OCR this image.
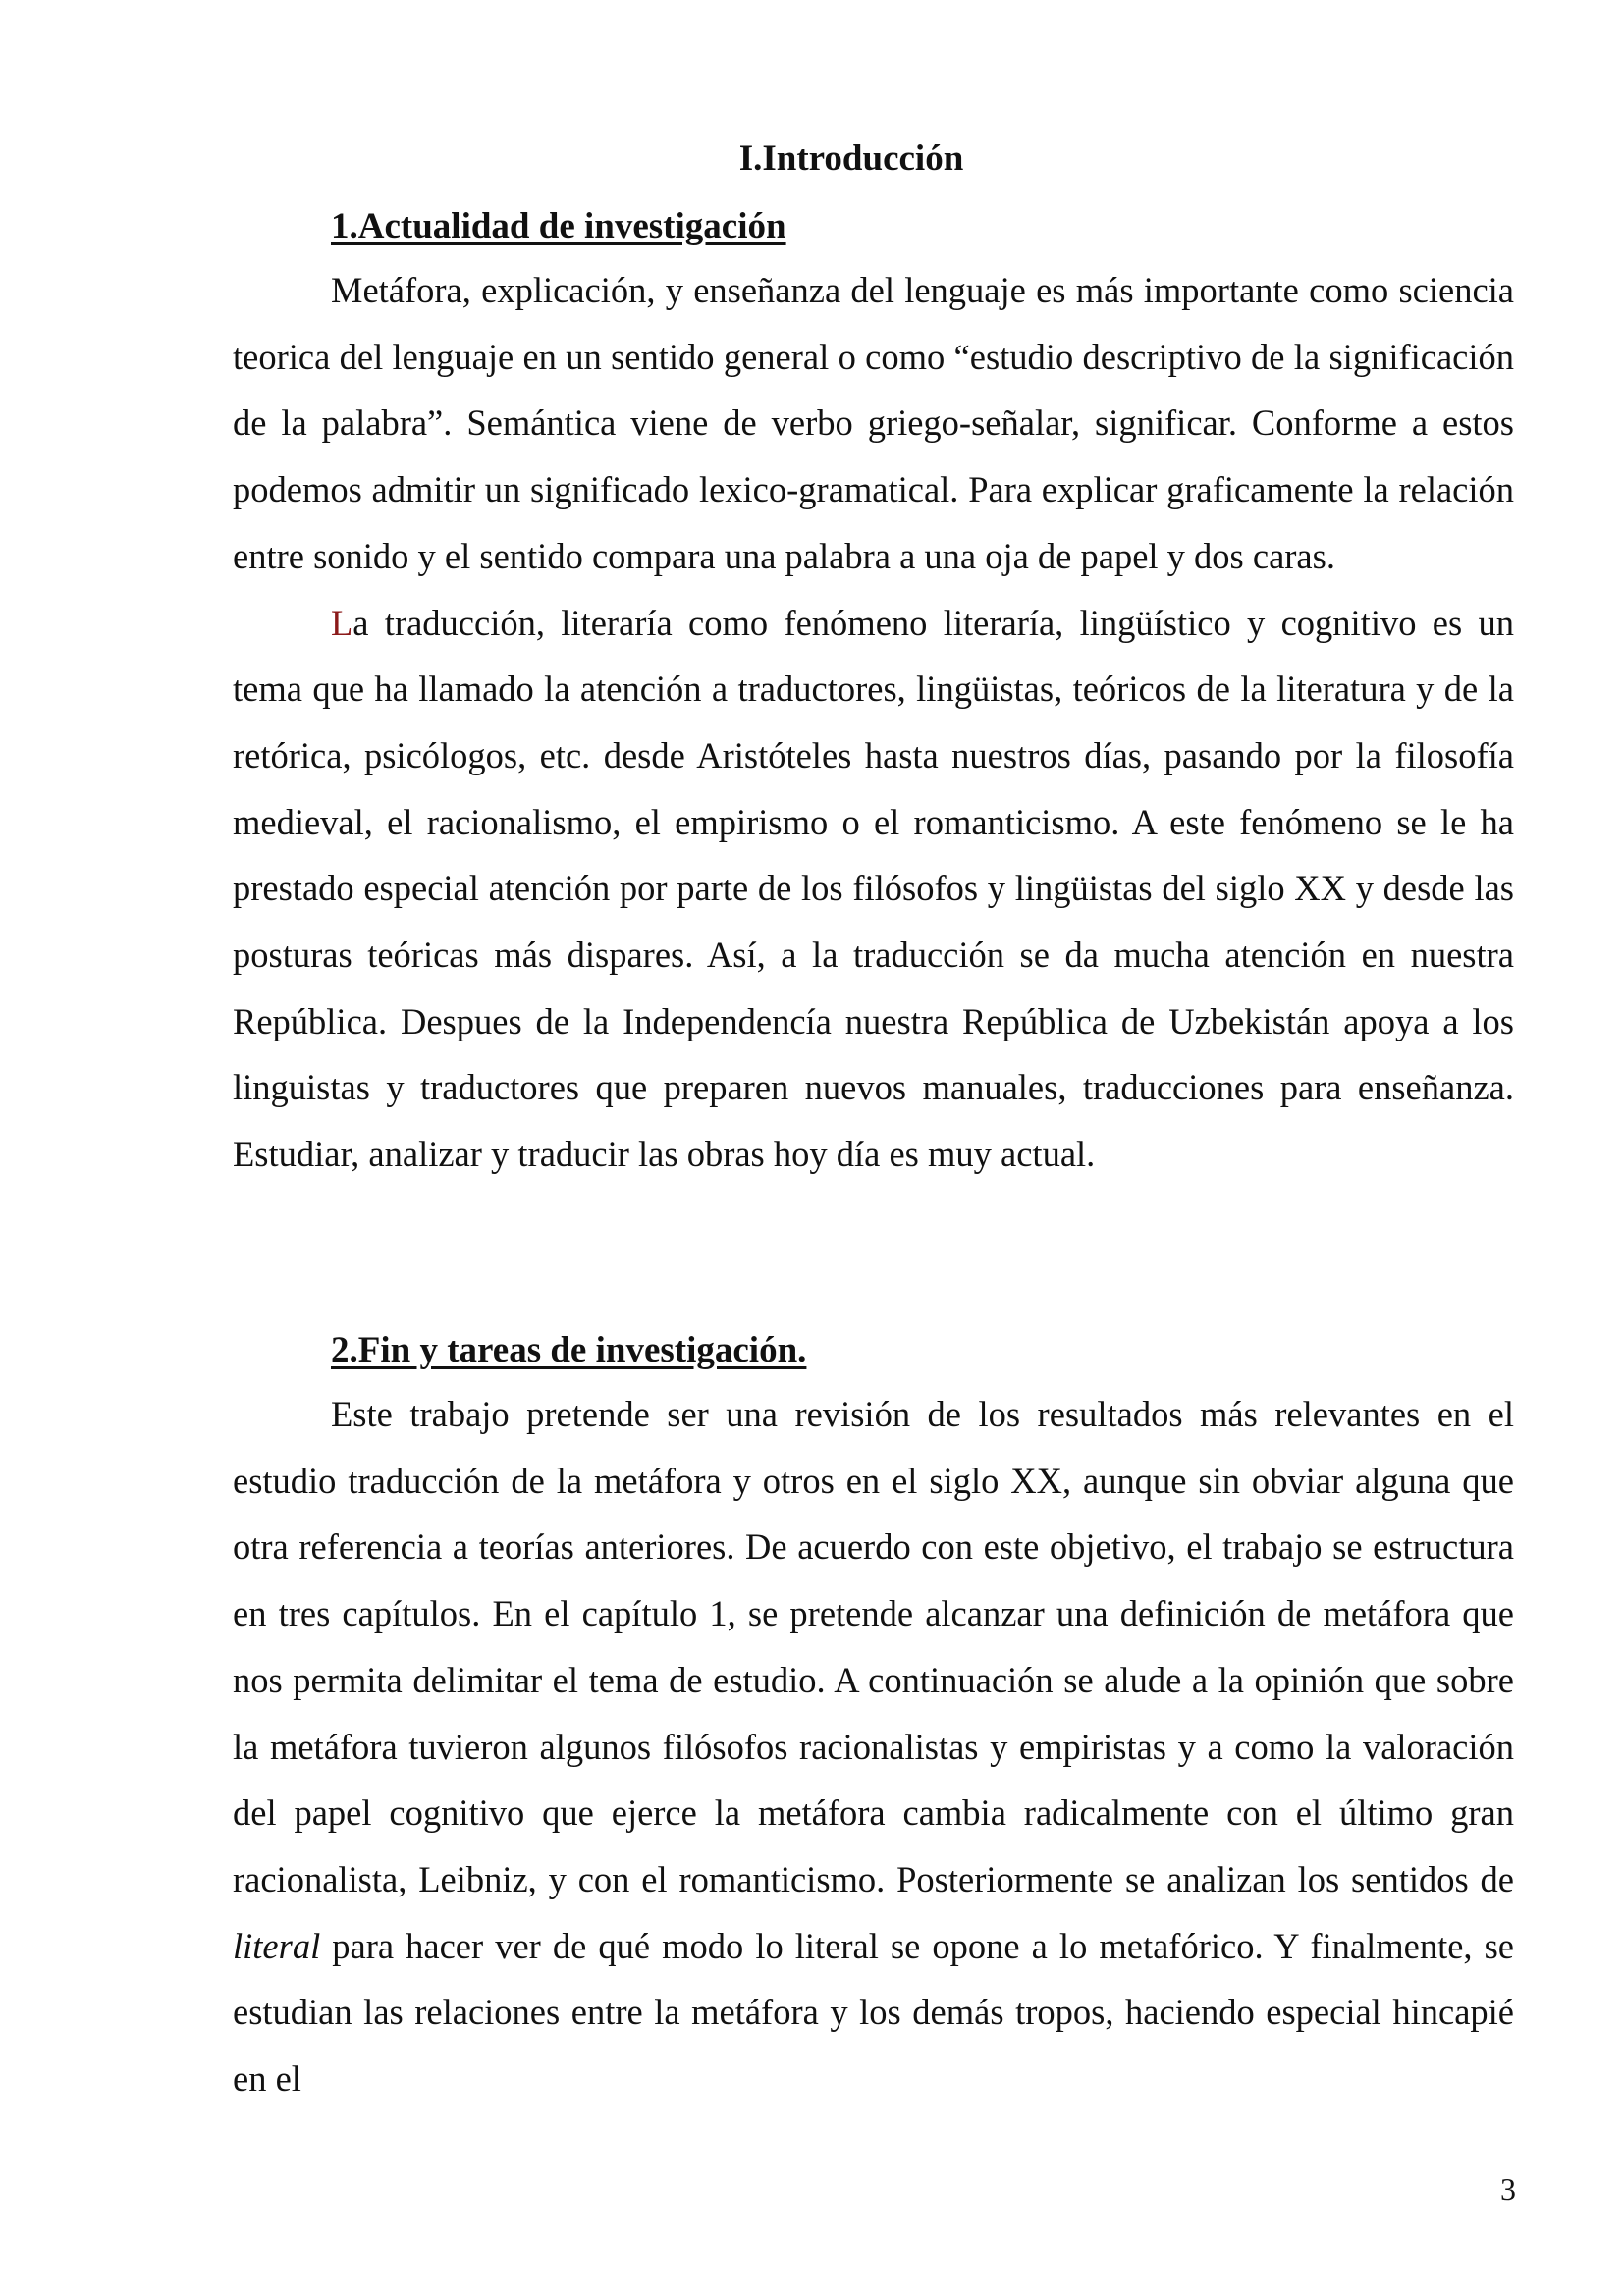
I.Introducción
1.Actualidad de investigación

Metáfora, explicación, y enseñanza del lenguaje es más importante como sciencia teorica del lenguaje en un sentido general o como “estudio descriptivo de la significación de la palabra”. Semántica viene de verbo griego-señalar, significar. Conforme a estos podemos admitir un significado lexico-gramatical. Para explicar graficamente la relación entre sonido y el sentido compara una palabra a una oja de papel y dos caras.

La traducción, literaría como fenómeno literaría, lingüístico y cognitivo es un tema que ha llamado la atención a traductores, lingüistas, teóricos de la literatura y de la retórica, psicólogos, etc. desde Aristóteles hasta nuestros días, pasando por la filosofía medieval, el racionalismo, el empirismo o el romanticismo. A este fenómeno se le ha prestado especial atención por parte de los filósofos y lingüistas del siglo XX y desde las posturas teóricas más dispares. Así, a la traducción se da mucha atención en nuestra República. Despues de la Independencía nuestra República de Uzbekistán apoya a los linguistas y traductores que preparen nuevos manuales, traducciones para enseñanza. Estudiar, analizar y traducir las obras hoy día es muy actual.

2.Fin y tareas de investigación.

Este trabajo pretende ser una revisión de los resultados más relevantes en el estudio traducción de la metáfora y otros en el siglo XX, aunque sin obviar alguna que otra referencia a teorías anteriores. De acuerdo con este objetivo, el trabajo se estructura en tres capítulos. En el capítulo 1, se pretende alcanzar una definición de metáfora que nos permita delimitar el tema de estudio. A continuación se alude a la opinión que sobre la metáfora tuvieron algunos filósofos racionalistas y empiristas y a como la valoración del papel cognitivo que ejerce la metáfora cambia radicalmente con el último gran racionalista, Leibniz, y con el romanticismo. Posteriormente se analizan los sentidos de literal para hacer ver de qué modo lo literal se opone a lo metafórico. Y finalmente, se estudian las relaciones entre la metáfora y los demás tropos, haciendo especial hincapié en el

3
